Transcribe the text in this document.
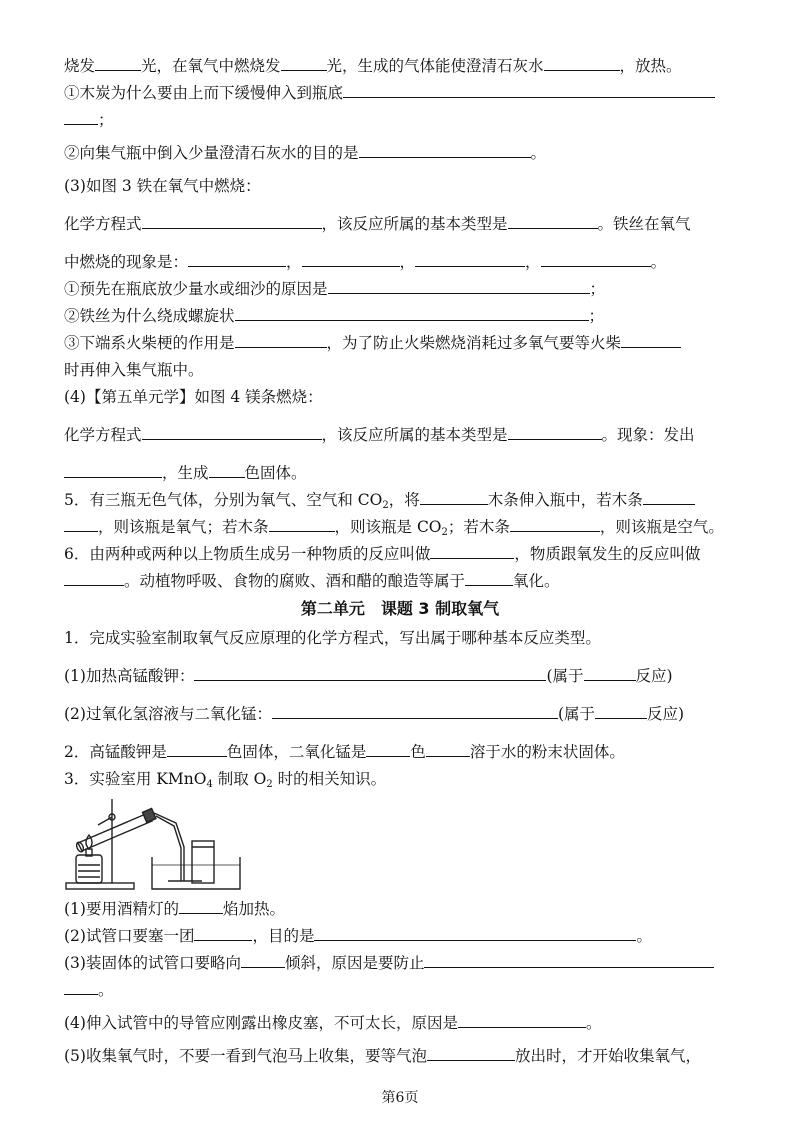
烧发	光，在氧气中燃烧发	光，生成的气体能使澄清石灰水	，放热。
①木炭为什么要由上而下缓慢伸入到瓶底
；
②向集气瓶中倒入少量澄清石灰水的目的是	。
(3)如图 3 铁在氧气中燃烧：
化学方程式	，该反应所属的基本类型是	。铁丝在氧气
中燃烧的现象是：	，	，	，	。
①预先在瓶底放少量水或细沙的原因是	；
②铁丝为什么绕成螺旋状	；
③下端系火柴梗的作用是	，为了防止火柴燃烧消耗过多氧气要等火柴
时再伸入集气瓶中。
(4)【第五单元学】如图 4 镁条燃烧：
化学方程式	，该反应所属的基本类型是	。现象：发出
，生成 色固体。
5．有三瓶无色气体，分别为氧气、空气和 $CO_2$，将	木条伸入瓶中，若木条
，则该瓶是氧气；若木条	，则该瓶是 $CO_2$；若木条	，则该瓶是空气。
6．由两种或两种以上物质生成另一种物质的反应叫做	，物质跟氧发生的反应叫做
。动植物呼吸、食物的腐败、酒和醋的酿造等属于	氧化。
第二单元　课题 3 制取氧气
1．完成实验室制取氧气反应原理的化学方程式，写出属于哪种基本反应类型。
(1)加热高锰酸钾：	(属于	反应)
(2)过氧化氢溶液与二氧化锰：	(属于	反应)
2．高锰酸钾是	色固体，二氧化锰是	色	溶于水的粉末状固体。
3．实验室用 KMnO$_4$ 制取 $O_2$ 时的相关知识。
(1)要用酒精灯的	焰加热。
(2)试管口要塞一团	，目的是	。
(3)装固体的试管口要略向	倾斜，原因是要防止
。
(4)伸入试管中的导管应刚露出橡皮塞，不可太长，原因是	。
(5)收集氧气时，不要一看到气泡马上收集，要等气泡	放出时，才开始收集氧气，
第6页
